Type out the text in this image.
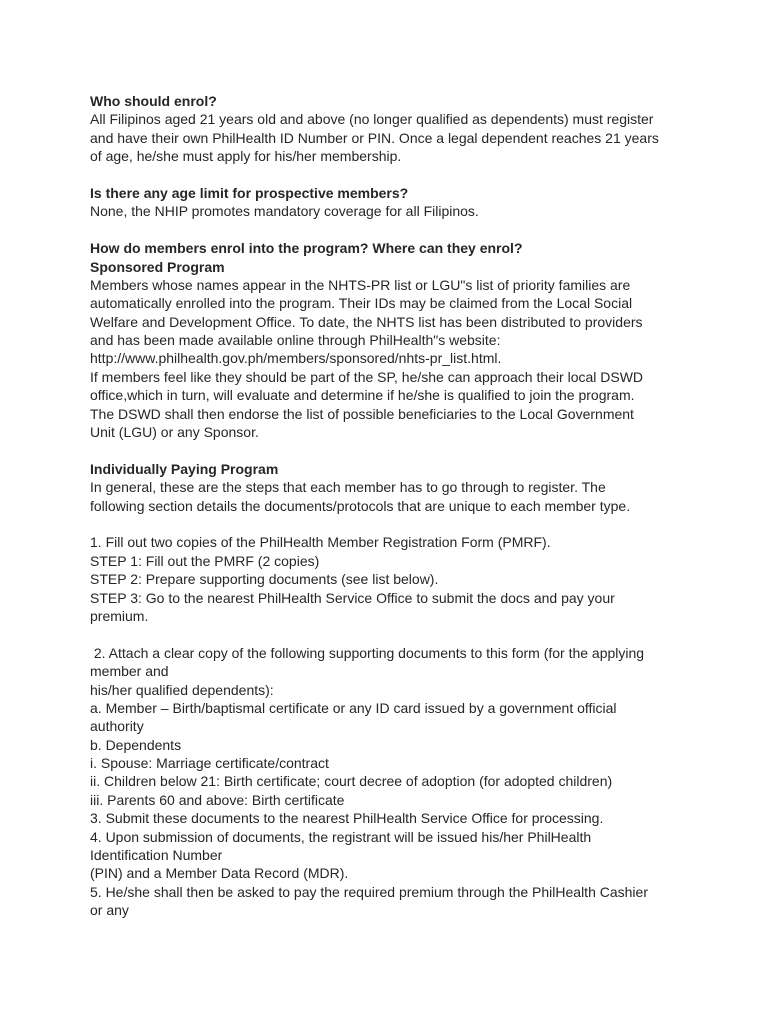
Who should enrol?
All Filipinos aged 21 years old and above (no longer qualified as dependents) must register
and have their own PhilHealth ID Number or PIN. Once a legal dependent reaches 21 years
of age, he/she must apply for his/her membership.
Is there any age limit for prospective members?
None, the NHIP promotes mandatory coverage for all Filipinos.
How do members enrol into the program? Where can they enrol?
Sponsored Program
Members whose names appear in the NHTS-PR list or LGU"s list of priority families are
automatically enrolled into the program. Their IDs may be claimed from the Local Social
Welfare and Development Office. To date, the NHTS list has been distributed to providers
and has been made available online through PhilHealth"s website:
http://www.philhealth.gov.ph/members/sponsored/nhts-pr_list.html.
If members feel like they should be part of the SP, he/she can approach their local DSWD
office,which in turn, will evaluate and determine if he/she is qualified to join the program.
The DSWD shall then endorse the list of possible beneficiaries to the Local Government
Unit (LGU) or any Sponsor.
Individually Paying Program
In general, these are the steps that each member has to go through to register. The
following section details the documents/protocols that are unique to each member type.
1. Fill out two copies of the PhilHealth Member Registration Form (PMRF).
STEP 1: Fill out the PMRF (2 copies)
STEP 2: Prepare supporting documents (see list below).
STEP 3: Go to the nearest PhilHealth Service Office to submit the docs and pay your
premium.
2. Attach a clear copy of the following supporting documents to this form (for the applying
member and
his/her qualified dependents):
a. Member – Birth/baptismal certificate or any ID card issued by a government official
authority
b. Dependents
i. Spouse: Marriage certificate/contract
ii. Children below 21: Birth certificate; court decree of adoption (for adopted children)
iii. Parents 60 and above: Birth certificate
3. Submit these documents to the nearest PhilHealth Service Office for processing.
4. Upon submission of documents, the registrant will be issued his/her PhilHealth
Identification Number
(PIN) and a Member Data Record (MDR).
5. He/she shall then be asked to pay the required premium through the PhilHealth Cashier
or any
